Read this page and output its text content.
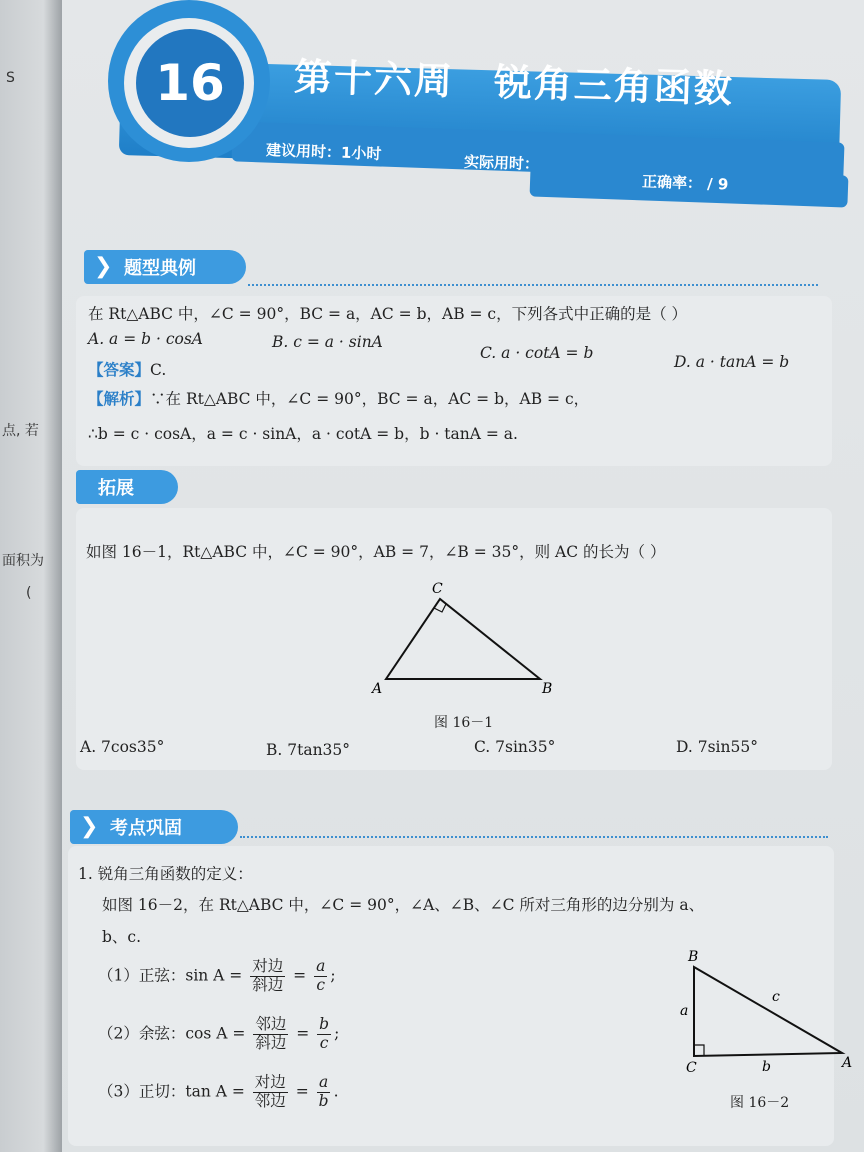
S
点, 若
面积为
(
第十六周 锐角三角函数
建议用时：1小时	实际用时：
正确率： / 9
16
❯ 题型典例
在 Rt△ABC 中，∠C = 90°，BC = a，AC = b，AB = c，下列各式中正确的是（ ）
A. a = b · cosA	B. c = a · sinA
C. a · cotA = b	D. a · tanA = b
【答案】C.
【解析】∵在 Rt△ABC 中，∠C = 90°，BC = a，AC = b，AB = c，
∴b = c · cosA，a = c · sinA，a · cotA = b，b · tanA = a.
拓展
如图 16－1，Rt△ABC 中，∠C = 90°，AB = 7，∠B = 35°，则 AC 的长为（ ）
C
A	B
图 16－1
A. 7cos35°	B. 7tan35°	C. 7sin35°	D. 7sin55°
❯ 考点巩固
1. 锐角三角函数的定义：
如图 16－2，在 Rt△ABC 中，∠C = 90°，∠A、∠B、∠C 所对三角形的边分别为 a、
b、c.
（1）正弦：$\sin A = \frac{\text{对边}}{\text{斜边}} = \frac{a}{c}$ ;
（2）余弦：$\cos A = \frac{\text{邻边}}{\text{斜边}} = \frac{b}{c}$ ;
（3）正切：$\tan A = \frac{\text{对边}}{\text{邻边}} = \frac{a}{b}$ .
B
C	A
a
b
c
图 16－2
